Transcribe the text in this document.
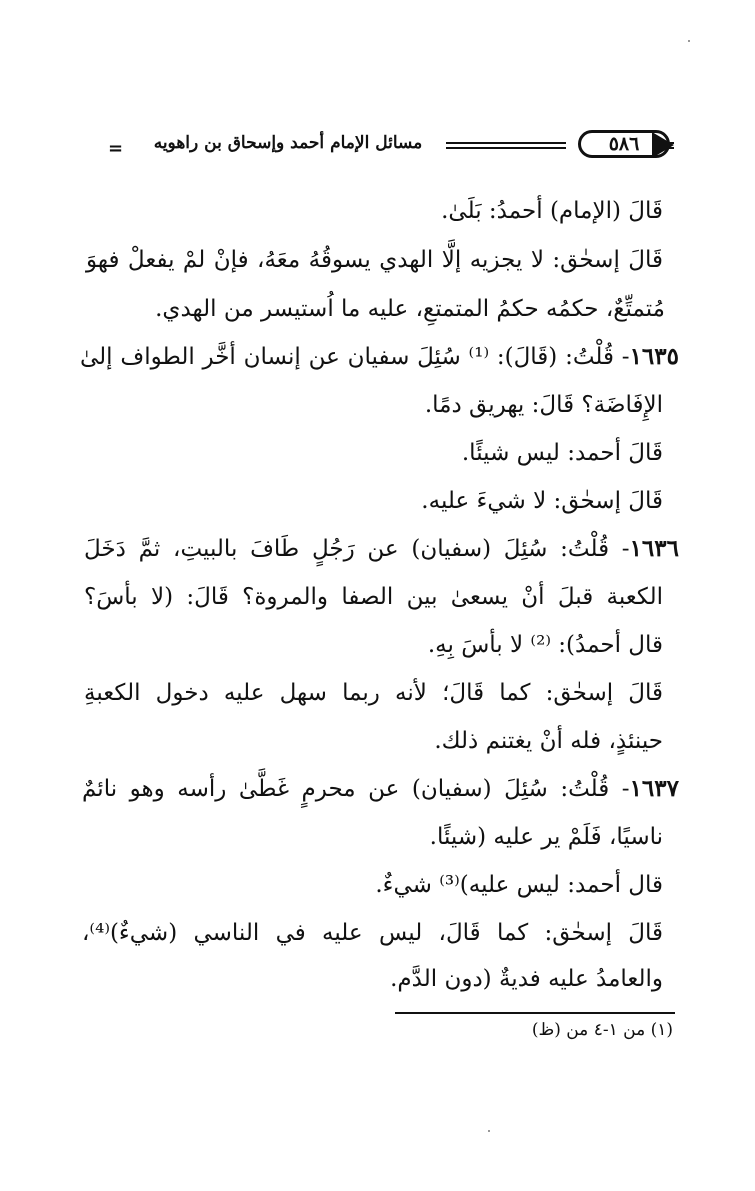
=	مسائل الإمام أحمد وإسحاق بن راهويه	٥٨٦
قَالَ (الإمام) أحمدُ: بَلَىٰ.
قَالَ إسحٰق: لا يجزيه إلَّا الهدي يسوقُهُ معَهُ، فإنْ لمْ يفعلْ فهوَ
مُتمتِّعٌ، حكمُه حكمُ المتمتعِ، عليه ما اُستيسر من الهدي.
١٦٣٥- قُلْتُ: (قَالَ): ⁽¹⁾ سُئِلَ سفيان عن إنسان أخَّر الطواف إلىٰ
الإِفَاضَة؟ قَالَ: يهريق دمًا.
قَالَ أحمد: ليس شيئًا.
قَالَ إسحٰق: لا شيءَ عليه.
١٦٣٦- قُلْتُ: سُئِلَ (سفيان) عن رَجُلٍ طَافَ بالبيتِ، ثمَّ دَخَلَ
الكعبة قبلَ أنْ يسعىٰ بين الصفا والمروة؟ قَالَ: (لا بأسَ؟
قال أحمدُ): ⁽²⁾ لا بأسَ بِهِ.
قَالَ إسحٰق: كما قَالَ؛ لأنه ربما سهل عليه دخول الكعبةِ
حينئذٍ، فله أنْ يغتنم ذلك.
١٦٣٧- قُلْتُ: سُئِلَ (سفيان) عن محرمٍ غَطَّىٰ رأسه وهو نائمٌ
ناسيًا، فَلَمْ ير عليه (شيئًا.
قال أحمد: ليس عليه)⁽³⁾ شيءٌ.
قَالَ إسحٰق: كما قَالَ، ليس عليه في الناسي (شيءٌ)⁽⁴⁾،
والعامدُ عليه فديةٌ (دون الدَّم.
(١) من ١-٤ من (ظ)
